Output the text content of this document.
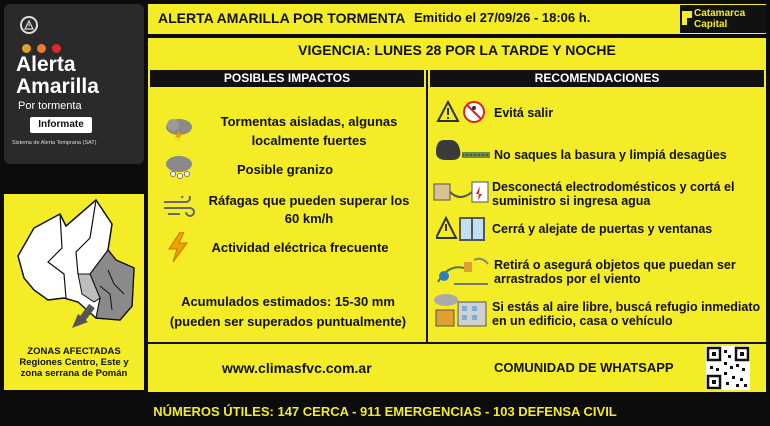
Alerta Amarilla
Por tormenta
Informate
Sistema de Alerta Temprana (SAT)
ALERTA AMARILLA POR TORMENTA Emitido el 27/09/26 - 18:06 h.	Catamarca
Capital
VIGENCIA: LUNES 28 POR LA TARDE Y NOCHE
POSIBLES IMPACTOS	RECOMENDACIONES
Tormentas aisladas, algunas localmente fuertes
Posible granizo
Ráfagas que pueden superar los 60 km/h
Actividad eléctrica frecuente
Acumulados estimados: 15-30 mm
(pueden ser superados puntualmente)
Evitá salir
No saques la basura y limpiá desagües
Desconectá electrodomésticos y cortá el suministro si ingresa agua
Cerrá y alejate de puertas y ventanas
Retirá o asegurá objetos que puedan ser arrastrados por el viento
Si estás al aire libre, buscá refugio inmediato en un edificio, casa o vehículo
ZONAS AFECTADAS
Regiones Centro, Este y
zona serrana de Pomán	www.climasfvc.com.ar	COMUNIDAD DE WHATSAPP
NÚMEROS ÚTILES: 147 CERCA - 911 EMERGENCIAS - 103 DEFENSA CIVIL
